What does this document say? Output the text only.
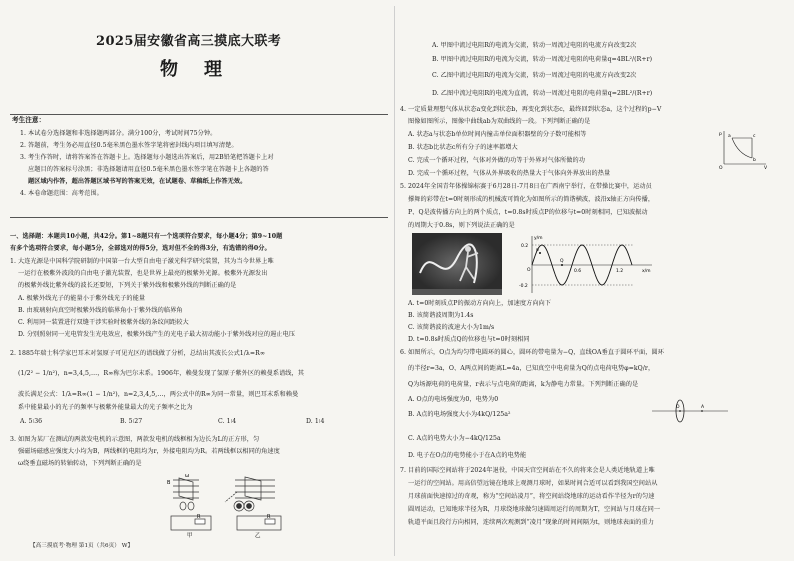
2025届安徽省高三摸底大联考
物理
考生注意：
1. 本试卷分选择题和非选择题两部分。满分100分，考试时间75分钟。
2. 答题前，考生务必用直径0.5毫米黑色墨水签字笔将密封线内项目填写清楚。
3. 考生作答时，请将答案答在答题卡上。选择题每小题选出答案后，用2B铅笔把答题卡上对
应题目的答案标号涂黑；非选择题请用直径0.5毫米黑色墨水签字笔在答题卡上各题的答
题区域内作答，超出答题区域书写的答案无效，在试题卷、草稿纸上作答无效。
4. 本卷命题范围：高考范围。
一、选择题：本题共10小题，共42分。第1~8题只有一个选项符合要求，每小题4分；第9~10题
有多个选项符合要求，每小题5分，全部选对的得5分，选对但不全的得3分，有选错的得0分。
1. 大连光源是中国科学院研制的中国第一台大型自由电子激光科学研究装置，其为当今世界上唯
一运行在极紫外波段的自由电子激光装置，也是世界上最亮的极紫外光源。极紫外光源发出
的极紫外线比紫外线的波长还要短，下列关于紫外线和极紫外线的判断正确的是
A. 极紫外线光子的能量小于紫外线光子的能量
B. 由玻璃射向真空时极紫外线的临界角小于紫外线的临界角
C. 利用同一装置进行双缝干涉实验时极紫外线的条纹间距较大
D. 分别照射同一光电管发生光电效应，极紫外线产生的光电子最大初动能小于紫外线对应的遏止电压
2. 1885年瑞士科学家巴耳末对氢原子可见光区的谱线做了分析，总结出其波长公式1/λ=R∞
(1/2² − 1/n²)，n=3,4,5,…，R∞称为巴尔末系。1906年，赖曼发现了氢原子紫外区的赖曼系谱线，其
波长满足公式：1/λ=R∞(1 − 1/n²)，n=2,3,4,5,…，两公式中的R∞为同一常量，则巴耳末系和赖曼
系中能量最小的光子的频率与极紫外能量最大的光子频率之比为
A. 5∶36	B. 5∶27	C. 1∶4	D. 1∶4
3. 如图为某厂在测试的两款发电机的示意图，两款发电机的线框相为边长为L的正方形，匀
强磁场磁感应强度大小均为B，两线框的电阻均为r，外接电阻均为R。若两线框以相同的角速度
ω绕垂直磁场的转轴转动，下列判断正确的是
B
ω
R	R
甲	乙
【高三摸底考·物理 第1页（共6页） W】
A. 甲图中流过电阻R的电流为交流，转动一周流过电阻的电流方向改变2次
B. 甲图中流过电阻R的电流为交流，转动一周流过电阻的电荷量q=4BL²/(R+r)
C. 乙图中流过电阻R的电流为交流，转动一周流过电阻的电流方向改变2次
D. 乙图中流过电阻R的电流为直流，转动一周流过电阻的电荷量q=2BL²/(R+r)
4. 一定质量理想气体从状态a变化到状态b，再变化到状态c，最终回到状态a，这个过程的p−V
图像如图所示，图像中曲线ab为双曲线的一段。下列判断正确的是
A. 状态a与状态b单位时间内撞击单位面积器壁的分子数可能相等
B. 状态b比状态c所有分子的速率都增大
C. 完成一个循环过程，气体对外做的功等于外界对气体所做的功
D. 完成一个循环过程，气体从外界吸收的热量大于气体向外界放出的热量
p
V
O
a
b
c
5. 2024年全国青年体操锦标赛于6月28日-7月8日在广西南宁举行，在带操比赛中，运动员
撑舞的彩带在t=0时刻形成的机械波可简化为如图所示的简谐横波，波沿x轴正方向传播，
P、Q是波传播方向上的两个质点，t=0.8s时质点P的位移与t=0时刻相同，已知波振动
的周期大于0.8s，则下列说法正确的是
y/m
0.2
-0.2
O	0.6	1.2	x/m
P
Q
A. t=0时刻质点P的振动方向向上，加速度方向向下
B. 该简谐波周期为1.4s
C. 该简谐波的波速大小为1m/s
D. t=0.8s时质点Q的位移也与t=0时刻相同
6. 如图所示，O点为均匀带电圆环的圆心，圆环的带电量为−Q，直线OA垂直于圆环平面，圆环
的半径r=3a，O、A两点间的距离L=4a，已知真空中电荷量为Q的点电荷电势φ=kQ/r，
Q为场源电荷的电荷量，r表示与点电荷的距离，k为静电力常量。下列判断正确的是
A. O点的电场强度为0，电势为0
B. A点的电场强度大小为4kQ/125a²
C. A点的电势大小为−4kQ/125a
D. 电子在O点的电势能小于在A点的电势能
O	A
7. 目前的国际空间站将于2024年退役，中国天宫空间站在不久的将来会是人类近地轨道上唯
一运行的空间站。用高倍望远镜在地球上观测月球时，如果时间合适可以看到我国空间站从
月球前面快速掠过的奇观，称为“空间站凌月”，将空间站绕地球的运动看作半径为r的匀速
圆周运动，已知地球半径为R，月球绕地球做匀速圆周运行的周期为T，空间站与月球在同一
轨道平面且段行方向相同，连续两次观测到“凌月”现象的时间间隔为t，则地球表面的重力
